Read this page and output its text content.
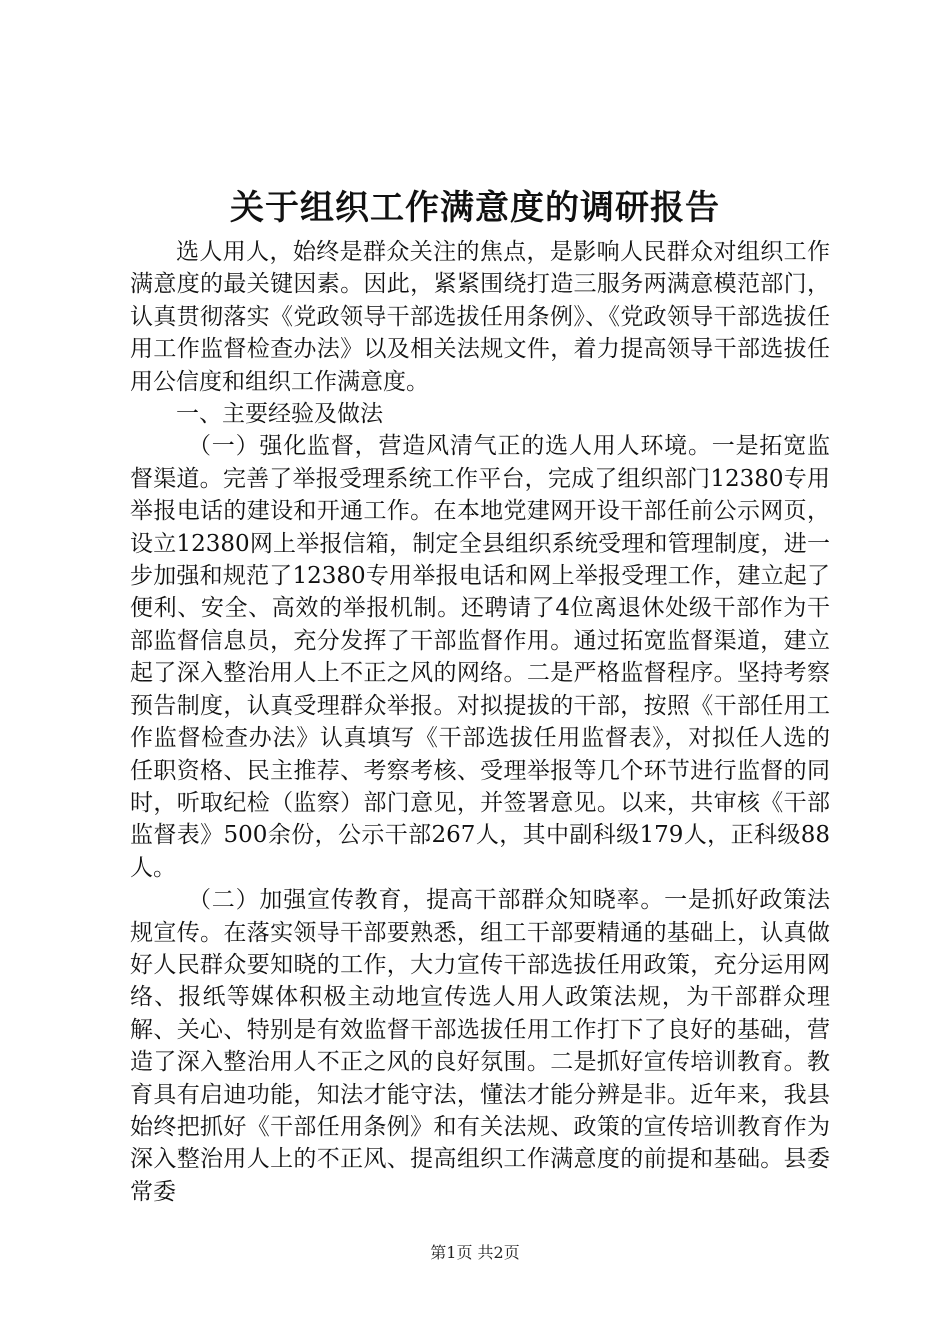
关于组织工作满意度的调研报告

选人用人，始终是群众关注的焦点，是影响人民群众对组织工作满意度的最关键因素。因此，紧紧围绕打造三服务两满意模范部门，认真贯彻落实《党政领导干部选拔任用条例》、《党政领导干部选拔任用工作监督检查办法》以及相关法规文件，着力提高领导干部选拔任用公信度和组织工作满意度。

一、主要经验及做法

（一）强化监督，营造风清气正的选人用人环境。一是拓宽监督渠道。完善了举报受理系统工作平台，完成了组织部门12380专用举报电话的建设和开通工作。在本地党建网开设干部任前公示网页，设立12380网上举报信箱，制定全县组织系统受理和管理制度，进一步加强和规范了12380专用举报电话和网上举报受理工作，建立起了便利、安全、高效的举报机制。还聘请了4位离退休处级干部作为干部监督信息员，充分发挥了干部监督作用。通过拓宽监督渠道，建立起了深入整治用人上不正之风的网络。二是严格监督程序。坚持考察预告制度，认真受理群众举报。对拟提拔的干部，按照《干部任用工作监督检查办法》认真填写《干部选拔任用监督表》，对拟任人选的任职资格、民主推荐、考察考核、受理举报等几个环节进行监督的同时，听取纪检（监察）部门意见，并签署意见。以来，共审核《干部监督表》500余份，公示干部267人，其中副科级179人，正科级88人。

（二）加强宣传教育，提高干部群众知晓率。一是抓好政策法规宣传。在落实领导干部要熟悉，组工干部要精通的基础上，认真做好人民群众要知晓的工作，大力宣传干部选拔任用政策，充分运用网络、报纸等媒体积极主动地宣传选人用人政策法规，为干部群众理解、关心、特别是有效监督干部选拔任用工作打下了良好的基础，营造了深入整治用人不正之风的良好氛围。二是抓好宣传培训教育。教育具有启迪功能，知法才能守法，懂法才能分辨是非。近年来，我县始终把抓好《干部任用条例》和有关法规、政策的宣传培训教育作为深入整治用人上的不正风、提高组织工作满意度的前提和基础。县委常委

第1页 共2页
